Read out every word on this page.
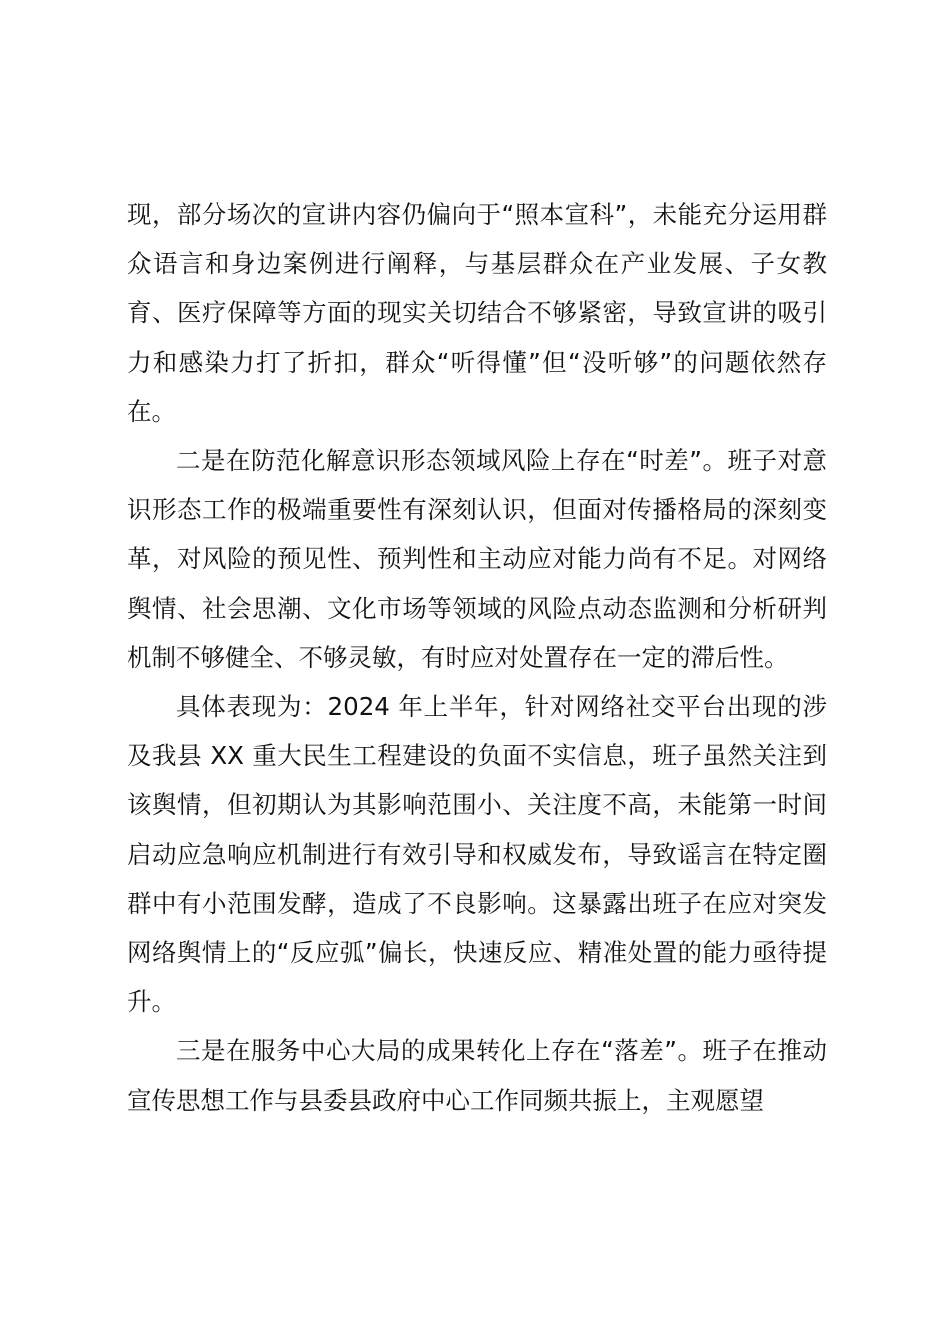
现，部分场次的宣讲内容仍偏向于“照本宣科”，未能充分运用群众语言和身边案例进行阐释，与基层群众在产业发展、子女教育、医疗保障等方面的现实关切结合不够紧密，导致宣讲的吸引力和感染力打了折扣，群众“听得懂”但“没听够”的问题依然存在。

二是在防范化解意识形态领域风险上存在“时差”。班子对意识形态工作的极端重要性有深刻认识，但面对传播格局的深刻变革，对风险的预见性、预判性和主动应对能力尚有不足。对网络舆情、社会思潮、文化市场等领域的风险点动态监测和分析研判机制不够健全、不够灵敏，有时应对处置存在一定的滞后性。

具体表现为：2024 年上半年，针对网络社交平台出现的涉及我县 XX 重大民生工程建设的负面不实信息，班子虽然关注到该舆情，但初期认为其影响范围小、关注度不高，未能第一时间启动应急响应机制进行有效引导和权威发布，导致谣言在特定圈群中有小范围发酵，造成了不良影响。这暴露出班子在应对突发网络舆情上的“反应弧”偏长，快速反应、精准处置的能力亟待提升。

三是在服务中心大局的成果转化上存在“落差”。班子在推动宣传思想工作与县委县政府中心工作同频共振上，主观愿望
